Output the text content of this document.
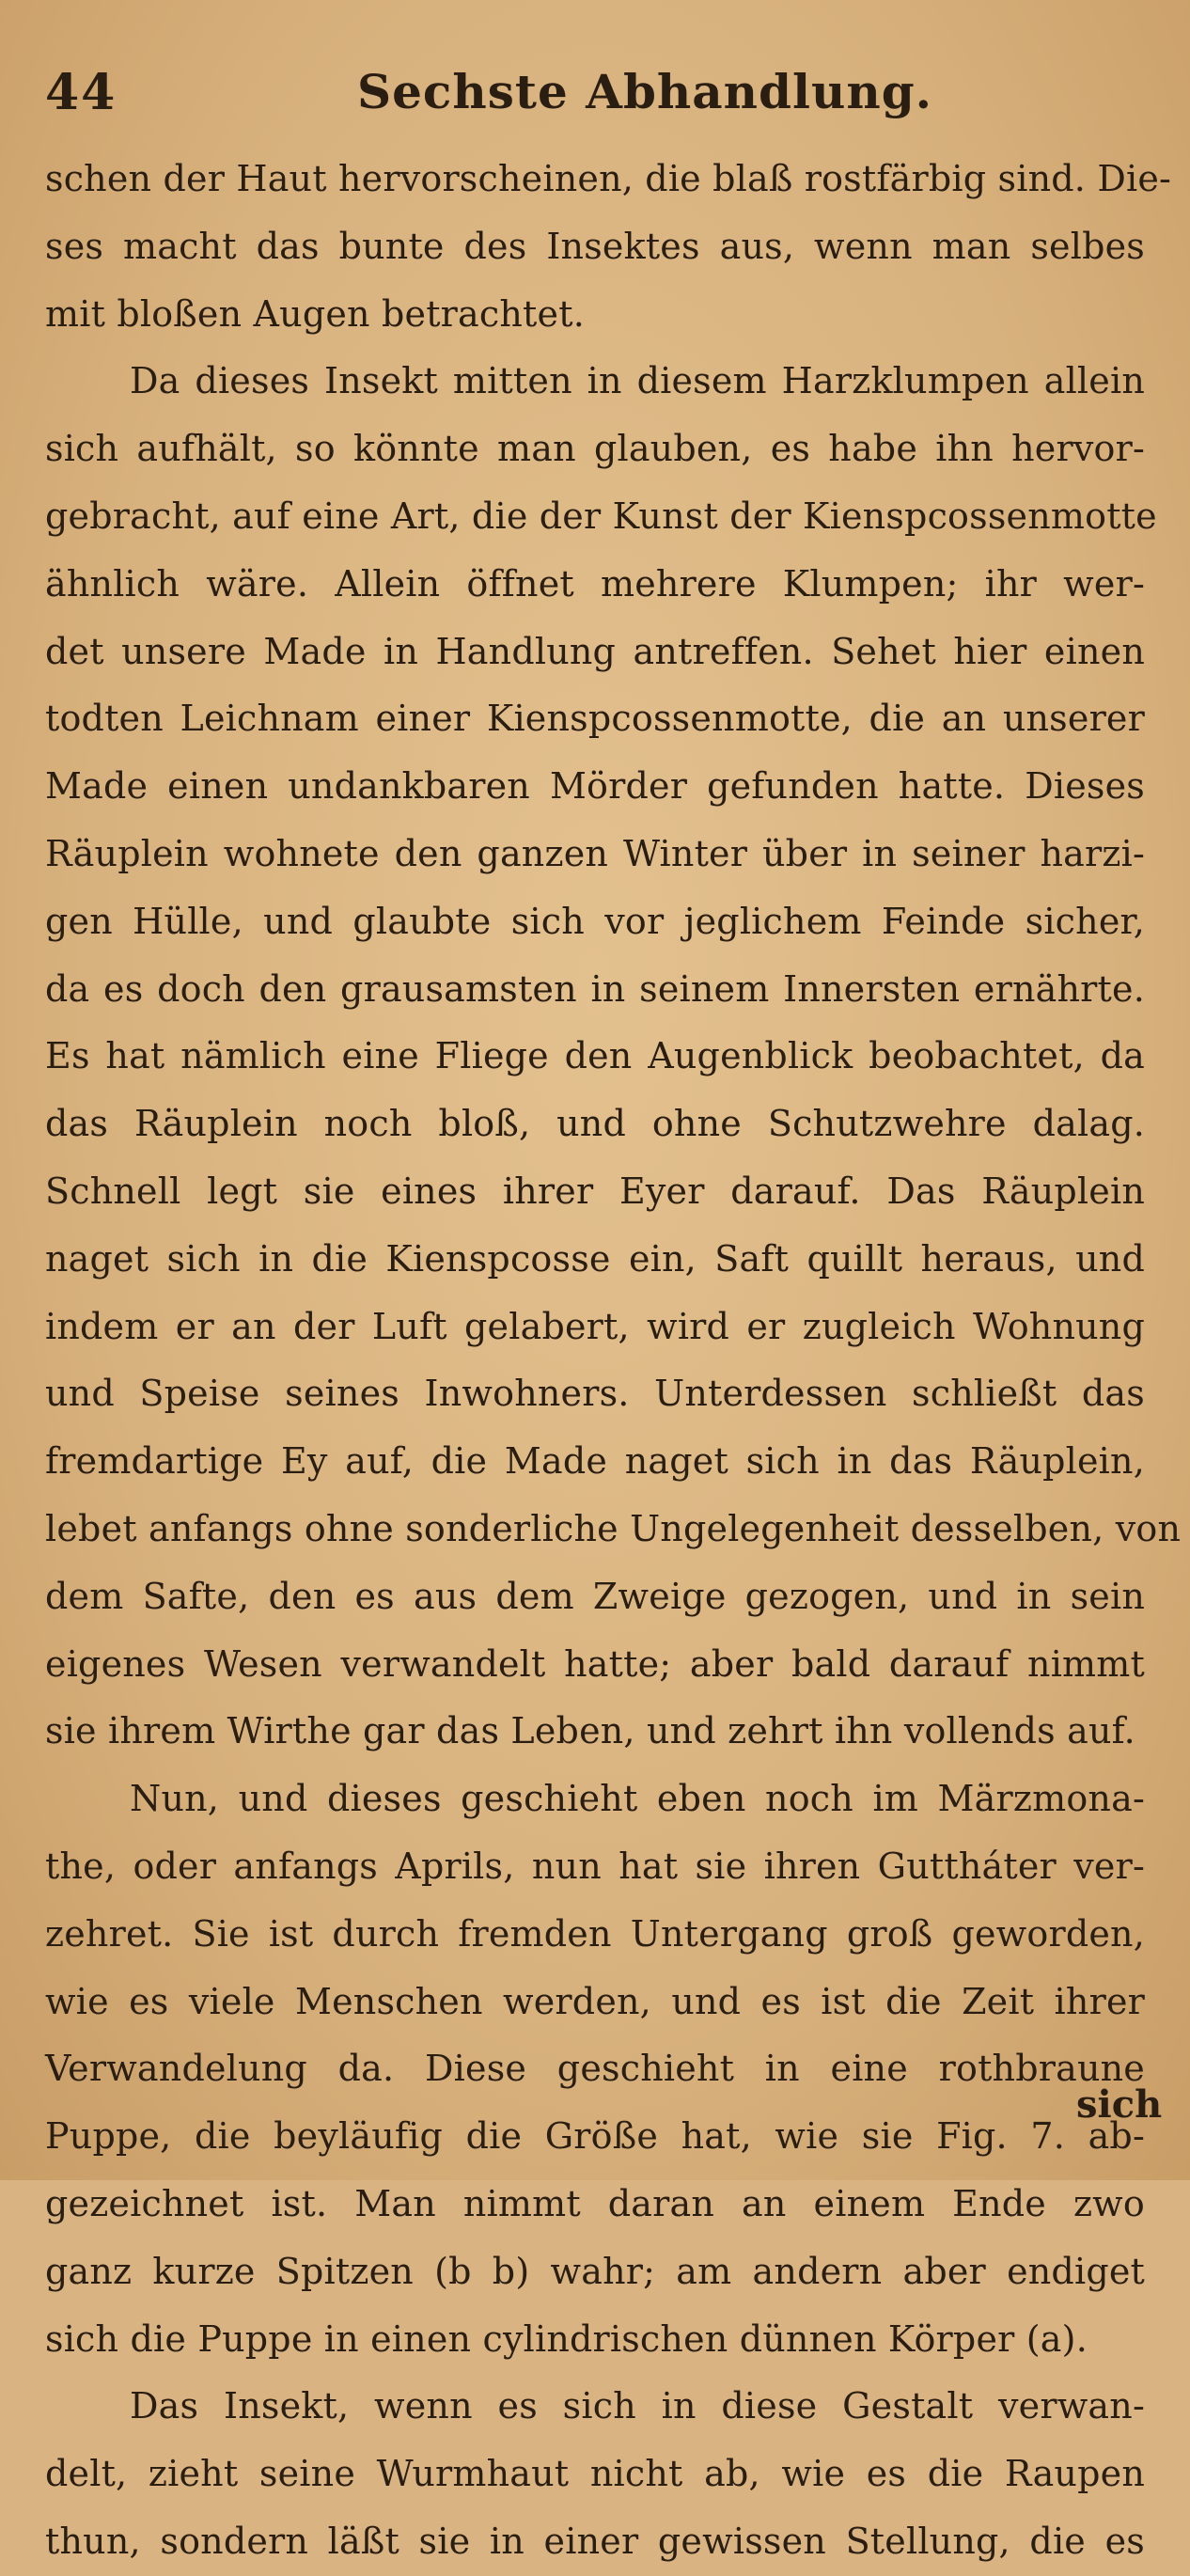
44	Sechste Abhandlung.
schen der Haut hervorscheinen, die blaß rostfärbig sind. Die-
ses macht das bunte des Insektes aus, wenn man selbes
mit bloßen Augen betrachtet.
Da dieses Insekt mitten in diesem Harzklumpen allein
sich aufhält, so könnte man glauben, es habe ihn hervor-
gebracht, auf eine Art, die der Kunst der Kienspcossenmotte
ähnlich wäre. Allein öffnet mehrere Klumpen; ihr wer-
det unsere Made in Handlung antreffen. Sehet hier einen
todten Leichnam einer Kienspcossenmotte, die an unserer
Made einen undankbaren Mörder gefunden hatte. Dieses
Räuplein wohnete den ganzen Winter über in seiner harzi-
gen Hülle, und glaubte sich vor jeglichem Feinde sicher,
da es doch den grausamsten in seinem Innersten ernährte.
Es hat nämlich eine Fliege den Augenblick beobachtet, da
das Räuplein noch bloß, und ohne Schutzwehre dalag.
Schnell legt sie eines ihrer Eyer darauf. Das Räuplein
naget sich in die Kienspcosse ein, Saft quillt heraus, und
indem er an der Luft gelabert, wird er zugleich Wohnung
und Speise seines Inwohners. Unterdessen schließt das
fremdartige Ey auf, die Made naget sich in das Räuplein,
lebet anfangs ohne sonderliche Ungelegenheit desselben, von
dem Safte, den es aus dem Zweige gezogen, und in sein
eigenes Wesen verwandelt hatte; aber bald darauf nimmt
sie ihrem Wirthe gar das Leben, und zehrt ihn vollends auf.
Nun, und dieses geschieht eben noch im Märzmona-
the, oder anfangs Aprils, nun hat sie ihren Guttháter ver-
zehret. Sie ist durch fremden Untergang groß geworden,
wie es viele Menschen werden, und es ist die Zeit ihrer
Verwandelung da. Diese geschieht in eine rothbraune
Puppe, die beyläufig die Größe hat, wie sie Fig. 7. ab-
gezeichnet ist. Man nimmt daran an einem Ende zwo
ganz kurze Spitzen (b b) wahr; am andern aber endiget
sich die Puppe in einen cylindrischen dünnen Körper (a).
Das Insekt, wenn es sich in diese Gestalt verwan-
delt, zieht seine Wurmhaut nicht ab, wie es die Raupen
thun, sondern läßt sie in einer gewissen Stellung, die es
sich
